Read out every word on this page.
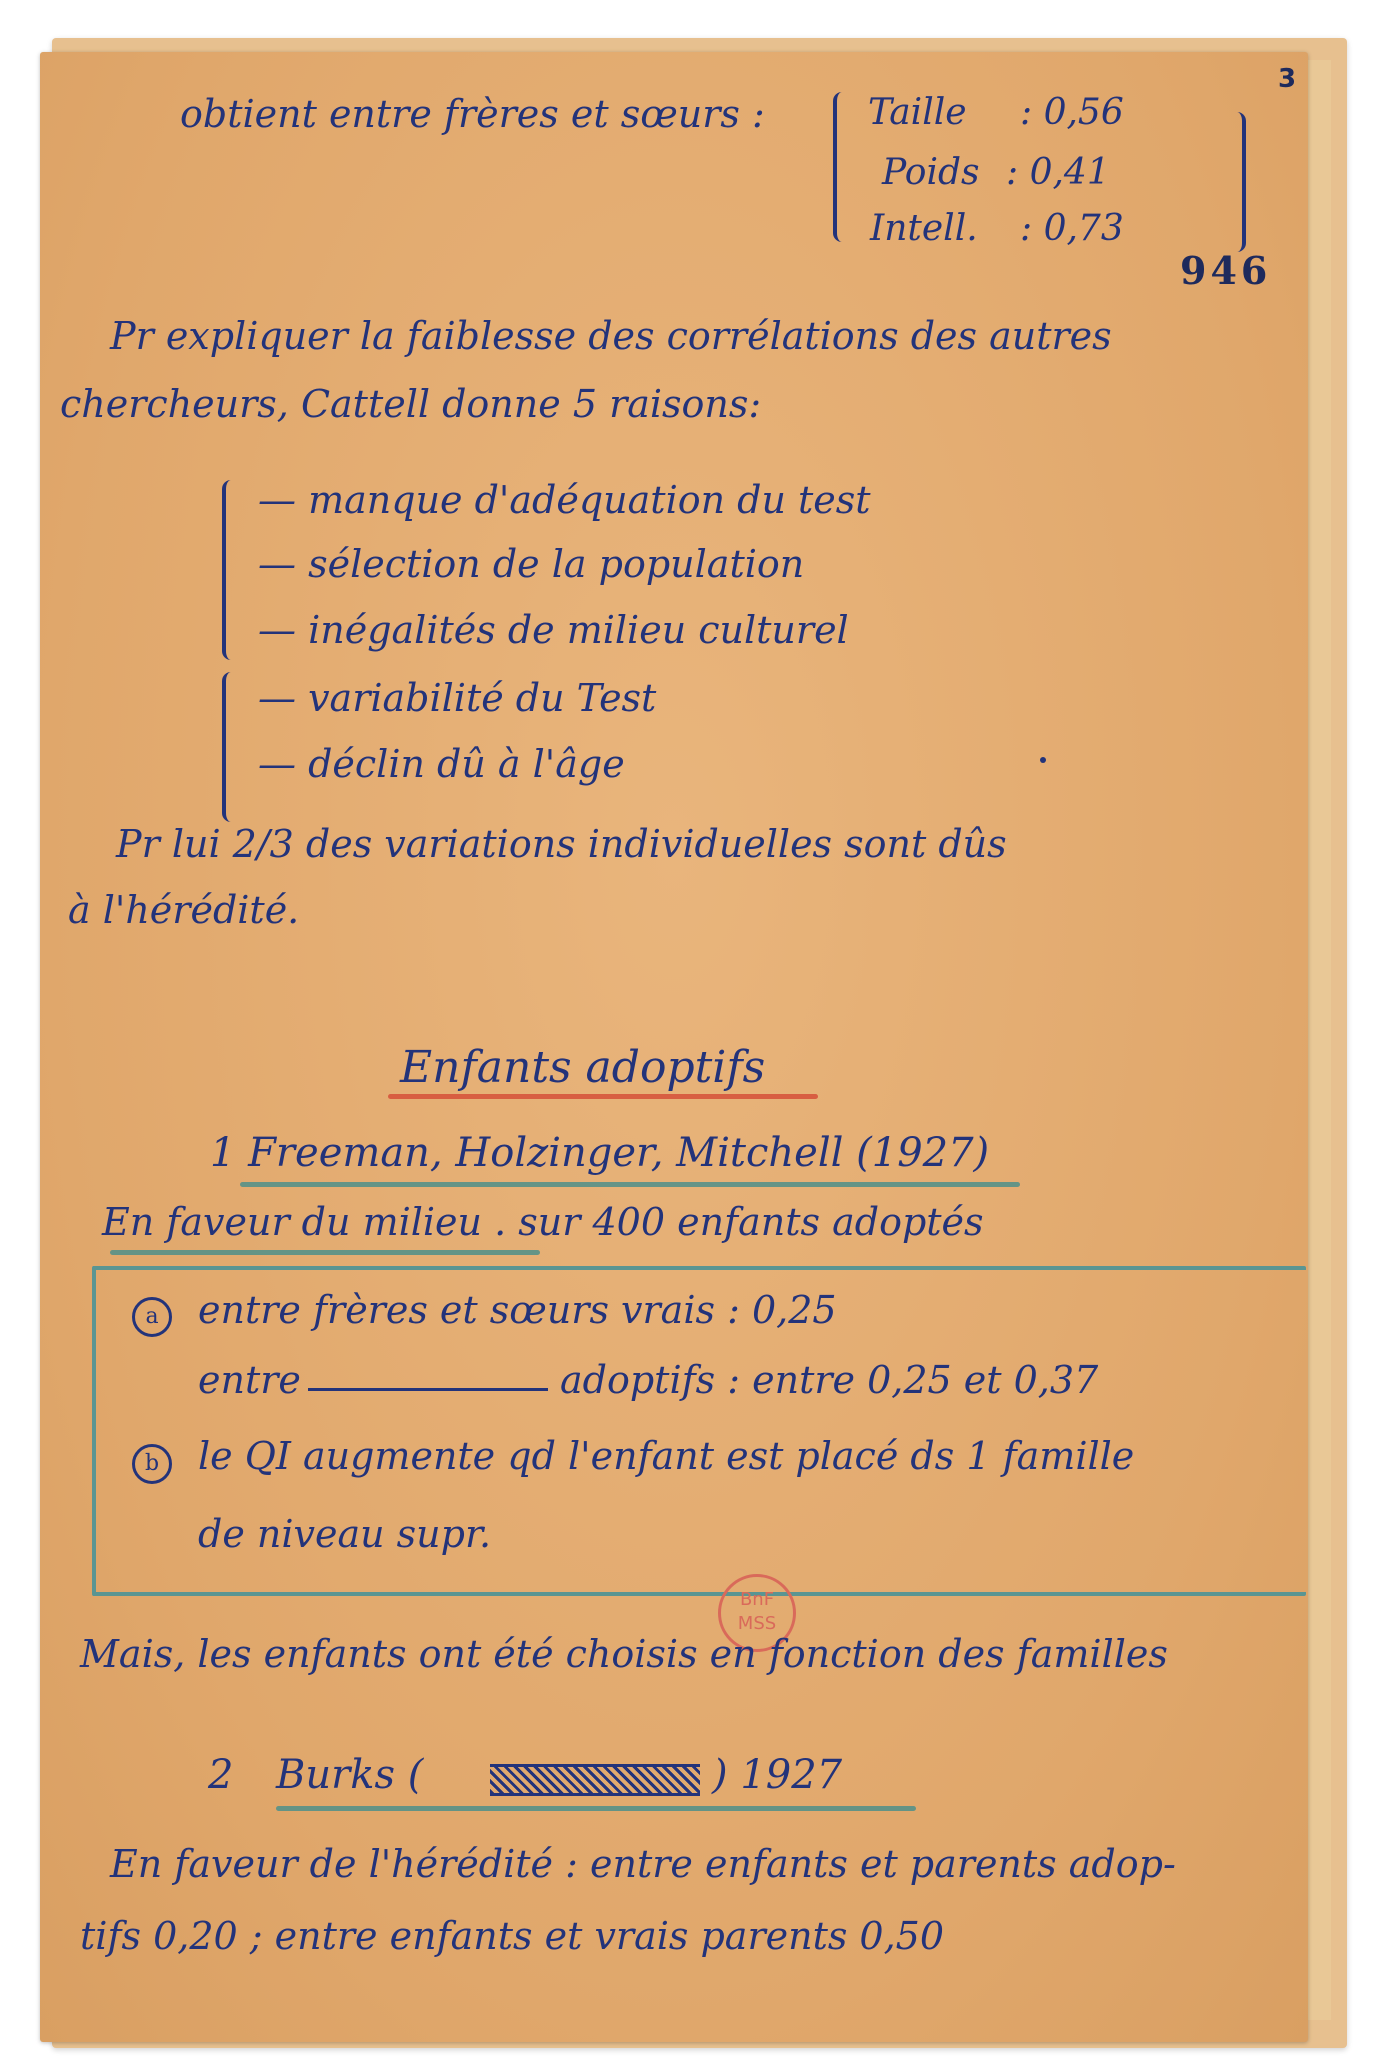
3
946
obtient entre frères et sœurs :	Taille : 0,56
Poids : 0,41
Intell. : 0,73
Pr expliquer la faiblesse des corrélations des autres
chercheurs, Cattell donne 5 raisons:
— manque d'adéquation du test
— sélection de la population
— inégalités de milieu culturel
— variabilité du Test
— déclin dû à l'âge
Pr lui 2/3 des variations individuelles sont dûs
à l'hérédité.
Enfants adoptifs
1 Freeman, Holzinger, Mitchell (1927)
En faveur du milieu . sur 400 enfants adoptés
a	entre frères et sœurs vrais : 0,25
entre	adoptifs : entre 0,25 et 0,37
b	le QI augmente qd l'enfant est placé ds 1 famille
de niveau supr.
BnF
MSS
Mais, les enfants ont été choisis en fonction des familles
2 Burks (	) 1927
En faveur de l'hérédité : entre enfants et parents adop-
tifs 0,20 ; entre enfants et vrais parents 0,50
